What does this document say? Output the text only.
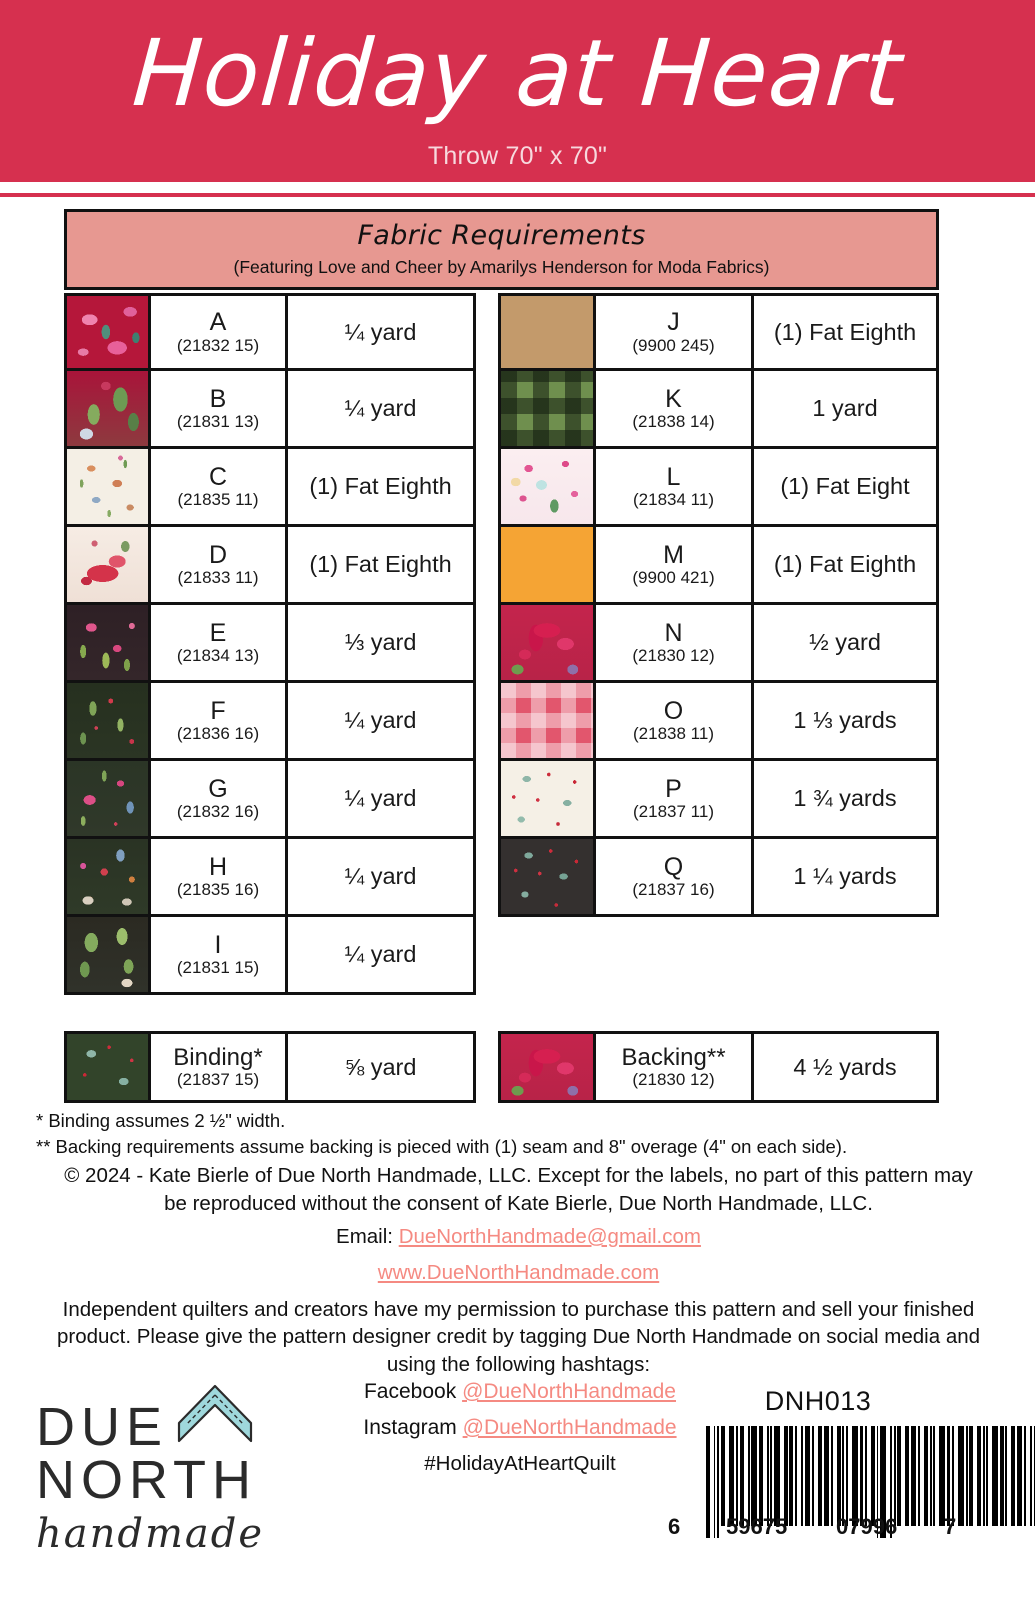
Holiday at Heart
Throw 70" x 70"
Fabric Requirements
(Featuring Love and Cheer by Amarilys Henderson for Moda Fabrics)
A
(21832 15)
¼ yard
B
(21831 13)
¼ yard
C
(21835 11)
(1) Fat Eighth
D
(21833 11)
(1) Fat Eighth
E
(21834 13)
⅓ yard
F
(21836 16)
¼ yard
G
(21832 16)
¼ yard
H
(21835 16)
¼ yard
I
(21831 15)
¼ yard
J
(9900 245)
(1) Fat Eighth
K
(21838 14)
1 yard
L
(21834 11)
(1) Fat Eight
M
(9900 421)
(1) Fat Eighth
N
(21830 12)
½ yard
O
(21838 11)
1 ⅓ yards
P
(21837 11)
1 ¾ yards
Q
(21837 16)
1 ¼ yards
Binding*
(21837 15)
⅝ yard	Backing**
(21830 12)
4 ½ yards
* Binding assumes 2 ½" width.
** Backing requirements assume backing is pieced with (1) seam and 8" overage (4" on each side).
© 2024 - Kate Bierle of Due North Handmade, LLC. Except for the labels, no part of this pattern may
be reproduced without the consent of Kate Bierle, Due North Handmade, LLC.
Email: DueNorthHandmade@gmail.com
www.DueNorthHandmade.com
Independent quilters and creators have my permission to purchase this pattern and sell your finished
product. Please give the pattern designer credit by tagging Due North Handmade on social media and
using the following hashtags:
Facebook @DueNorthHandmade
Instagram @DueNorthHandmade
#HolidayAtHeartQuilt
DUE
NORTH
handmade
DNH013
6 59675 07996 7
